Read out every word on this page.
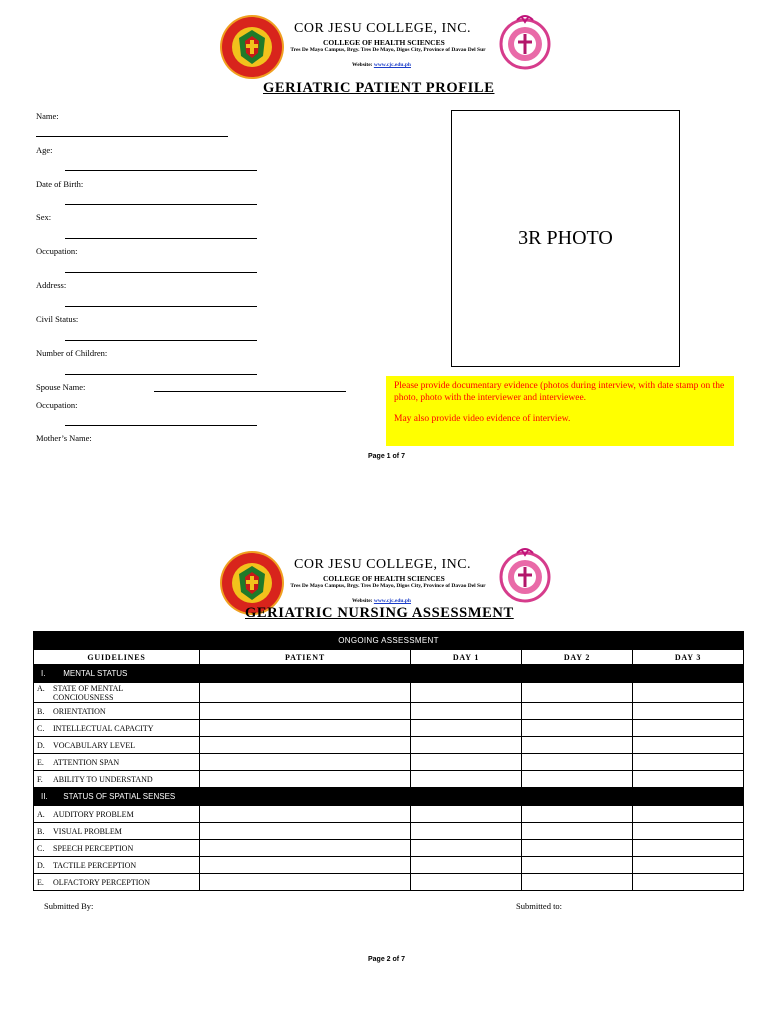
COR JESU COLLEGE, INC.
COLLEGE OF HEALTH SCIENCES
Tres De Mayo Campus, Brgy. Tres De Mayo, Digos City, Province of Davao Del Sur
Website: www.cjc.edu.ph
GERIATRIC PATIENT PROFILE
Name:
Age:
Date of Birth:
Sex:
Occupation:
Address:
Civil Status:
Number of Children:
Spouse Name:
Occupation:
Mother’s Name:
3R PHOTO

Please provide documentary evidence (photos during interview, with date stamp on the photo, photo with the interviewer and interviewee.

May also provide video evidence of interview.

Page 1 of 7
COR JESU COLLEGE, INC.
COLLEGE OF HEALTH SCIENCES
Tres De Mayo Campus, Brgy. Tres De Mayo, Digos City, Province of Davao Del Sur
Website: www.cjc.edu.ph
GERIATRIC NURSING ASSESSMENT
ONGOING ASSESSMENT				
GUIDELINES	PATIENT	DAY 1	DAY 2	DAY 3
I. MENTAL STATUS				
A. STATE OF MENTAL CONCIOUSNESS				
B. ORIENTATION				
C. INTELLECTUAL CAPACITY				
D. VOCABULARY LEVEL				
E. ATTENTION SPAN				
F. ABILITY TO UNDERSTAND				
II. STATUS OF SPATIAL SENSES				
A. AUDITORY PROBLEM				
B. VISUAL PROBLEM				
C. SPEECH PERCEPTION				
D. TACTILE PERCEPTION				
E. OLFACTORY PERCEPTION				
Submitted By:	Submitted to:
Page 2 of 7
